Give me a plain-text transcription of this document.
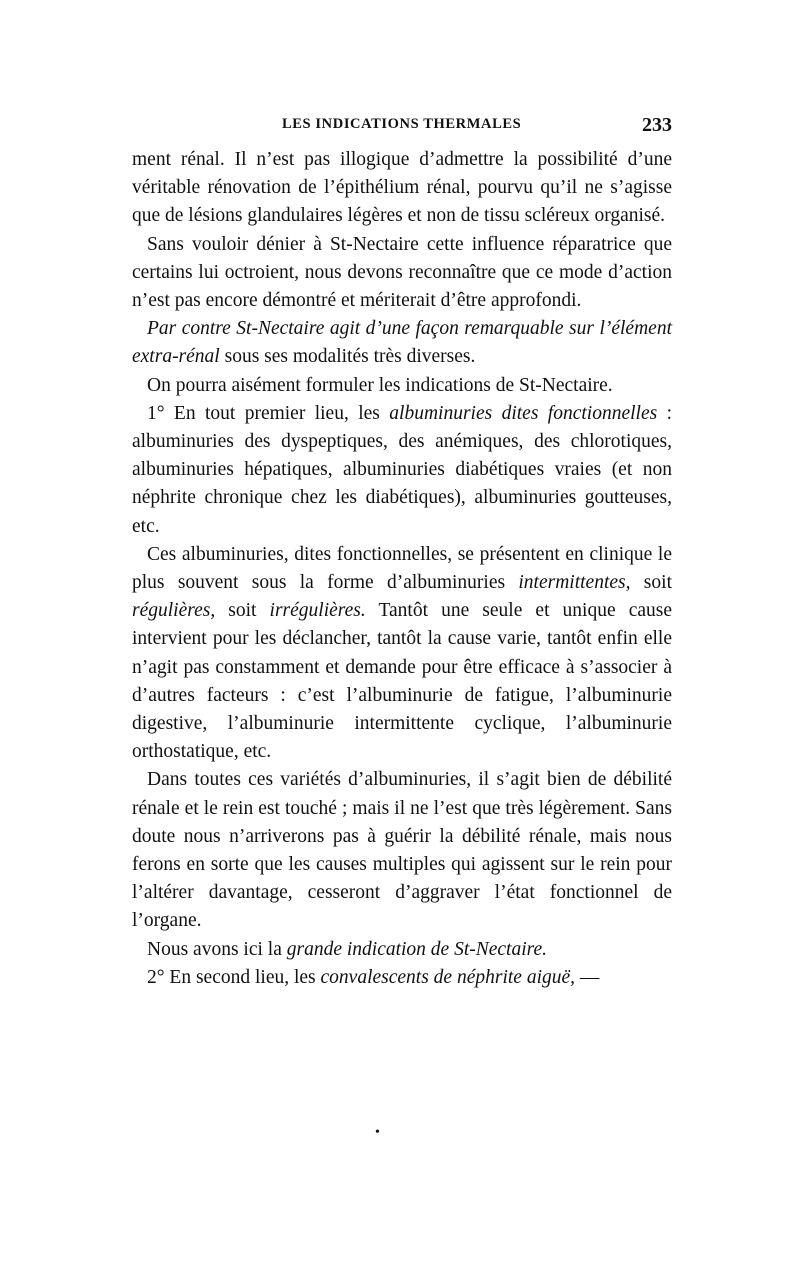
LES INDICATIONS THERMALES	233

ment rénal. Il n’est pas illogique d’admettre la possibilité d’une véritable rénovation de l’épithélium rénal, pourvu qu’il ne s’agisse que de lésions glandulaires légères et non de tissu scléreux organisé.

Sans vouloir dénier à St-Nectaire cette influence réparatrice que certains lui octroient, nous devons reconnaître que ce mode d’action n’est pas encore démontré et mériterait d’être approfondi.

Par contre St-Nectaire agit d’une façon remarquable sur l’élément extra-rénal sous ses modalités très diverses.

On pourra aisément formuler les indications de St-Nectaire.

1° En tout premier lieu, les albuminuries dites fonctionnelles : albuminuries des dyspeptiques, des anémiques, des chlorotiques, albuminuries hépatiques, albuminuries diabétiques vraies (et non néphrite chronique chez les diabétiques), albuminuries goutteuses, etc.

Ces albuminuries, dites fonctionnelles, se présentent en clinique le plus souvent sous la forme d’albuminuries intermittentes, soit régulières, soit irrégulières. Tantôt une seule et unique cause intervient pour les déclancher, tantôt la cause varie, tantôt enfin elle n’agit pas constamment et demande pour être efficace à s’associer à d’autres facteurs : c’est l’albuminurie de fatigue, l’albuminurie digestive, l’albuminurie intermittente cyclique, l’albuminurie orthostatique, etc.

Dans toutes ces variétés d’albuminuries, il s’agit bien de débilité rénale et le rein est touché ; mais il ne l’est que très légèrement. Sans doute nous n’arriverons pas à guérir la débilité rénale, mais nous ferons en sorte que les causes multiples qui agissent sur le rein pour l’altérer davantage, cesseront d’aggraver l’état fonctionnel de l’organe.

Nous avons ici la grande indication de St-Nectaire.

2° En second lieu, les convalescents de néphrite aiguë, —

•
